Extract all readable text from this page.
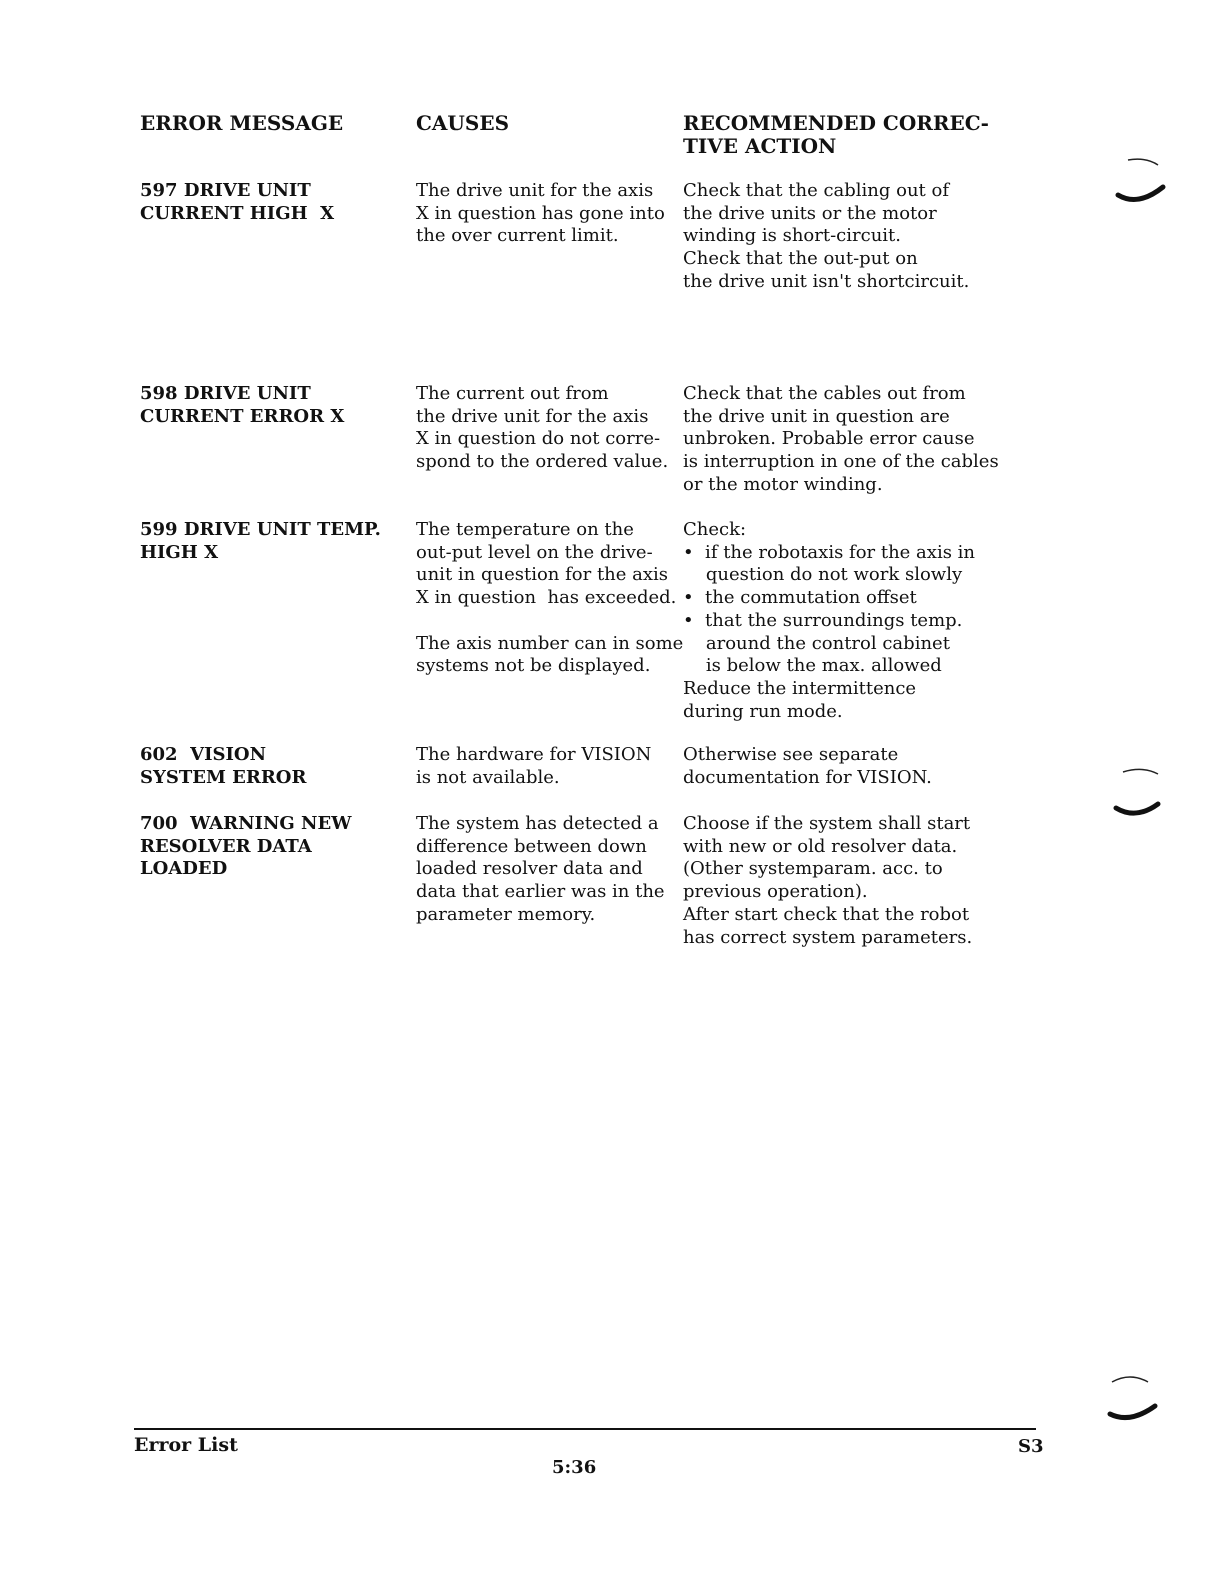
ERROR MESSAGE	CAUSES	RECOMMENDED CORREC-
TIVE ACTION
597 DRIVE UNIT
CURRENT HIGH  X
The drive unit for the axis
X in question has gone into
the over current limit.
Check that the cabling out of
the drive units or the motor
winding is short-circuit.
Check that the out-put on
the drive unit isn't shortcircuit.
598 DRIVE UNIT
CURRENT ERROR X
The current out from
the drive unit for the axis
X in question do not corre-
spond to the ordered value.
Check that the cables out from
the drive unit in question are
unbroken. Probable error cause
is interruption in one of the cables
or the motor winding.
599 DRIVE UNIT TEMP.
HIGH X
The temperature on the
out-put level on the drive-
unit in question for the axis
X in question  has exceeded.

The axis number can in some
systems not be displayed.
Check:
•  if the robotaxis for the axis in
question do not work slowly
•  the commutation offset
•  that the surroundings temp.
around the control cabinet
is below the max. allowed
Reduce the intermittence
during run mode.
602  VISION
SYSTEM ERROR
The hardware for VISION
is not available.
Otherwise see separate
documentation for VISION.
700  WARNING NEW
RESOLVER DATA
LOADED
The system has detected a
difference between down
loaded resolver data and
data that earlier was in the
parameter memory.
Choose if the system shall start
with new or old resolver data.
(Other systemparam. acc. to
previous operation).
After start check that the robot
has correct system parameters.
Error List
5:36
S3
